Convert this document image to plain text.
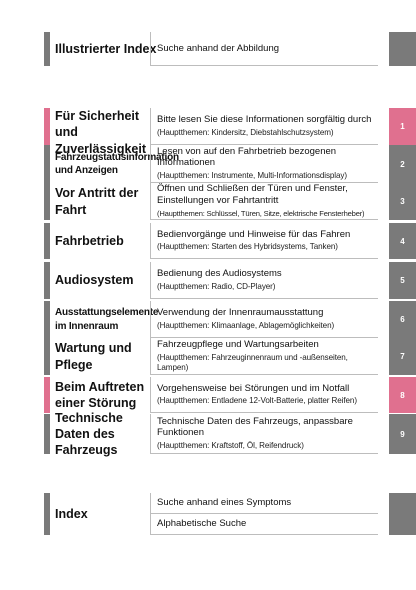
Illustrierter Index Suche anhand der Abbildung
Für Sicherheit und Zuverlässigkeit
Bitte lesen Sie diese Informationen sorgfältig durch
(Hauptthemen: Kindersitz, Diebstahlschutzsystem)
1
Fahrzeugstatusinformation und Anzeigen
Lesen von auf den Fahrbetrieb bezogenen Informationen
(Hauptthemen: Instrumente, Multi-Informationsdisplay)
2
Vor Antritt der Fahrt
Öffnen und Schließen der Türen und Fenster, Einstellungen vor Fahrtantritt
(Hauptthemen: Schlüssel, Türen, Sitze, elektrische Fensterheber)
3
Fahrbetrieb	Bedienvorgänge und Hinweise für das Fahren
(Hauptthemen: Starten des Hybridsystems, Tanken)
4
Audiosystem	Bedienung des Audiosystems
(Hauptthemen: Radio, CD-Player)
5
Ausstattungselemente im Innenraum
Verwendung der Innenraumausstattung
(Hauptthemen: Klimaanlage, Ablagemöglichkeiten)
6
Wartung und Pflege
Fahrzeugpflege und Wartungsarbeiten
(Hauptthemen: Fahrzeuginnenraum und -außenseiten, Lampen)
7
Beim Auftreten einer Störung
Vorgehensweise bei Störungen und im Notfall
(Hauptthemen: Entladene 12-Volt-Batterie, platter Reifen)
8
Technische Daten des Fahrzeugs
Technische Daten des Fahrzeugs, anpassbare Funktionen
(Hauptthemen: Kraftstoff, Öl, Reifendruck)
9
Index
Suche anhand eines Symptoms
Alphabetische Suche
